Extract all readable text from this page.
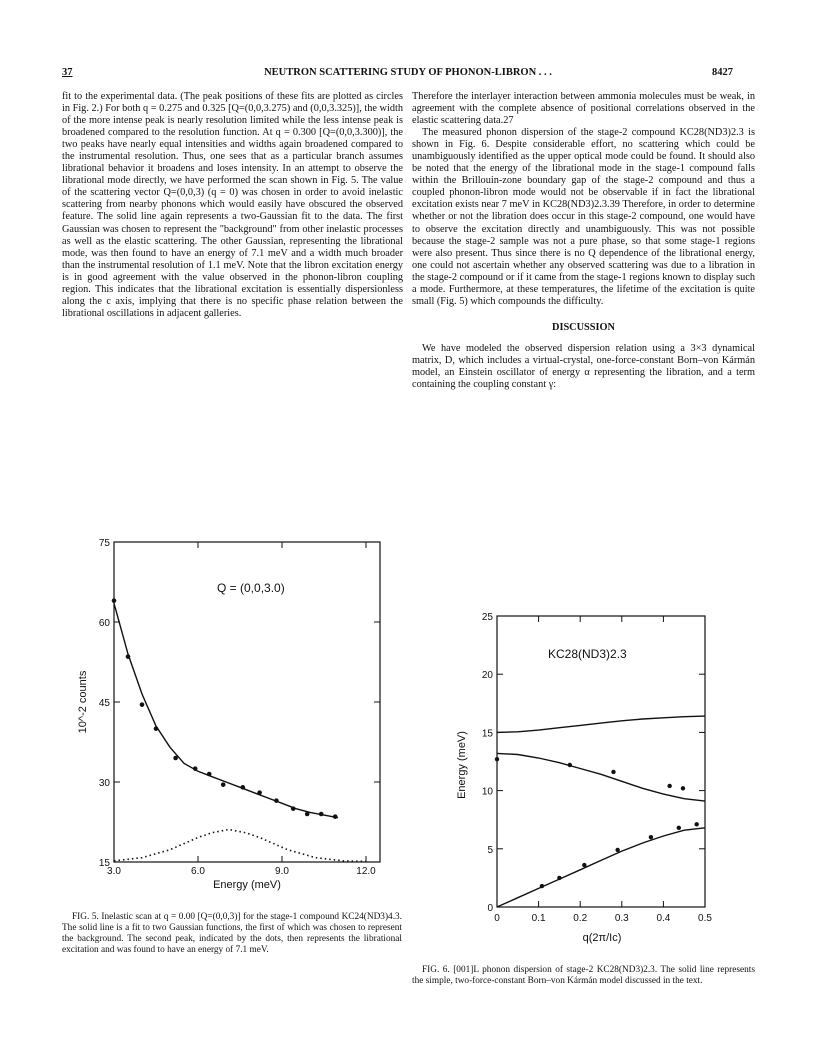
37	NEUTRON SCATTERING STUDY OF PHONON-LIBRON . . .	8427

fit to the experimental data. (The peak positions of these fits are plotted as circles in Fig. 2.) For both q = 0.275 and 0.325 [Q=(0,0,3.275) and (0,0,3.325)], the width of the more intense peak is nearly resolution limited while the less intense peak is broadened compared to the resolution function. At q = 0.300 [Q=(0,0,3.300)], the two peaks have nearly equal intensities and widths again broadened compared to the instrumental resolution. Thus, one sees that as a particular branch assumes librational behavior it broadens and loses intensity. In an attempt to observe the librational mode directly, we have performed the scan shown in Fig. 5. The value of the scattering vector Q=(0,0,3) (q = 0) was chosen in order to avoid inelastic scattering from nearby phonons which would easily have obscured the observed feature. The solid line again represents a two-Gaussian fit to the data. The first Gaussian was chosen to represent the "background" from other inelastic processes as well as the elastic scattering. The other Gaussian, representing the librational mode, was then found to have an energy of 7.1 meV and a width much broader than the instrumental resolution of 1.1 meV. Note that the libron excitation energy is in good agreement with the value observed in the phonon-libron coupling region. This indicates that the librational excitation is essentially dispersionless along the c axis, implying that there is no specific phase relation between the librational oscillations in adjacent galleries.

Therefore the interlayer interaction between ammonia molecules must be weak, in agreement with the complete absence of positional correlations observed in the elastic scattering data.27

The measured phonon dispersion of the stage-2 compound KC28(ND3)2.3 is shown in Fig. 6. Despite considerable effort, no scattering which could be unambiguously identified as the upper optical mode could be found. It should also be noted that the energy of the librational mode in the stage-1 compound falls within the Brillouin-zone boundary gap of the stage-2 compound and thus a coupled phonon-libron mode would not be observable if in fact the librational excitation exists near 7 meV in KC28(ND3)2.3.39 Therefore, in order to determine whether or not the libration does occur in this stage-2 compound, one would have to observe the excitation directly and unambiguously. This was not possible because the stage-2 sample was not a pure phase, so that some stage-1 regions were also present. Thus since there is no Q dependence of the librational energy, one could not ascertain whether any observed scattering was due to a libration in the stage-2 compound or if it came from the stage-1 regions known to display such a mode. Furthermore, at these temperatures, the lifetime of the excitation is quite small (Fig. 5) which compounds the difficulty.

DISCUSSION

We have modeled the observed dispersion relation using a 3×3 dynamical matrix, D, which includes a virtual-crystal, one-force-constant Born–von Kármán model, an Einstein oscillator of energy α representing the libration, and a term containing the coupling constant γ:

3.0	6.0	9.0	12.0
15
30
45
60
75
Q = (0,0,3.0)
Energy (meV)
10^-2 counts
0	0.1	0.2	0.3	0.4	0.5
0
5
10
15
20
25
KC28(ND3)2.3
q(2π/Ic)
Energy (meV)

FIG. 5. Inelastic scan at q = 0.00 [Q=(0,0,3)] for the stage-1 compound KC24(ND3)4.3. The solid line is a fit to two Gaussian functions, the first of which was chosen to represent the background. The second peak, indicated by the dots, then represents the librational excitation and was found to have an energy of 7.1 meV.

FIG. 6. [001]L phonon dispersion of stage-2 KC28(ND3)2.3. The solid line represents the simple, two-force-constant Born–von Kármán model discussed in the text.
